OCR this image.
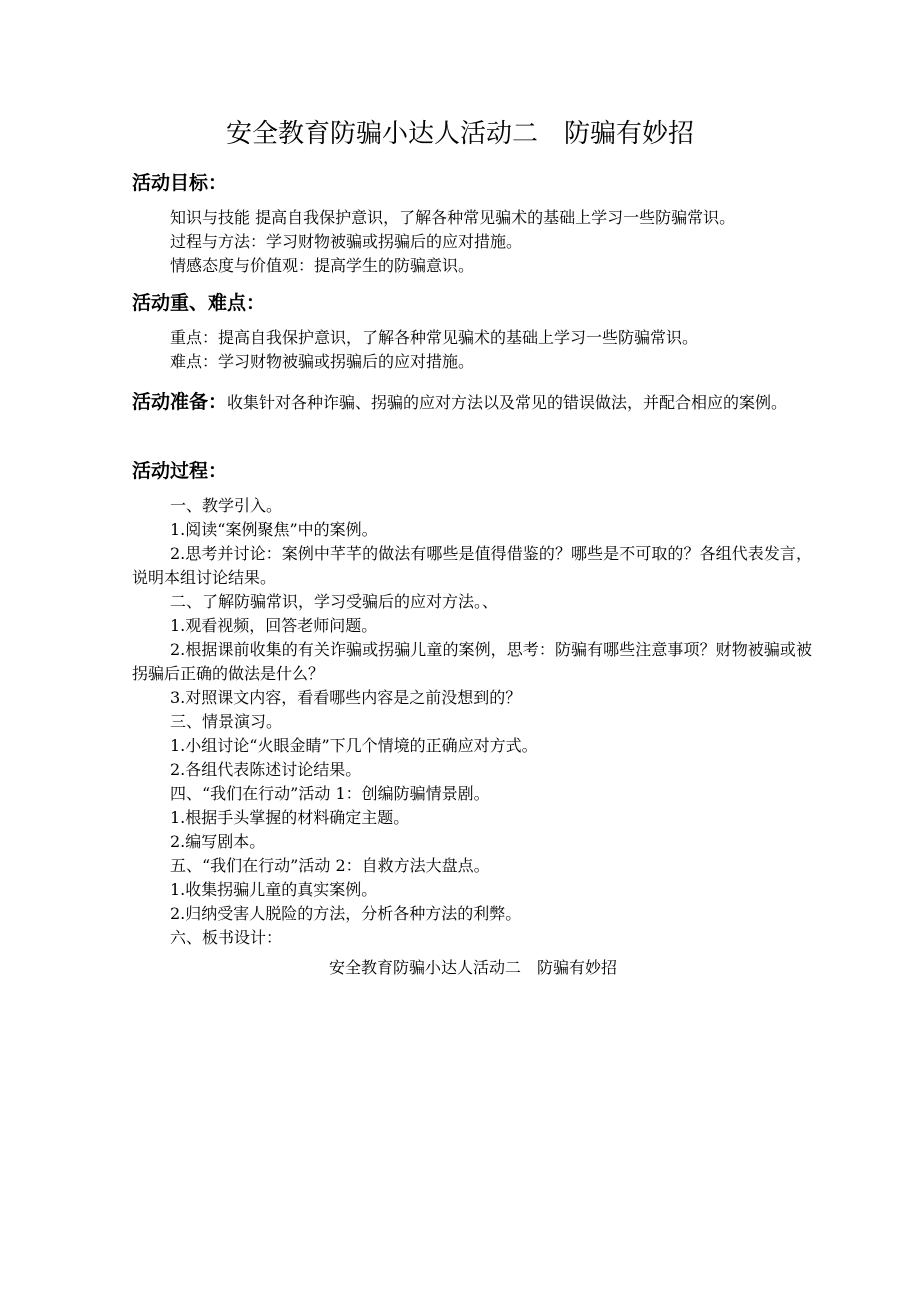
安全教育防骗小达人活动二　防骗有妙招
活动目标：
知识与技能 提高自我保护意识，了解各种常见骗术的基础上学习一些防骗常识。
过程与方法：学习财物被骗或拐骗后的应对措施。
情感态度与价值观：提高学生的防骗意识。
活动重、难点：
重点：提高自我保护意识，了解各种常见骗术的基础上学习一些防骗常识。
难点：学习财物被骗或拐骗后的应对措施。
活动准备：收集针对各种诈骗、拐骗的应对方法以及常见的错误做法，并配合相应的案例。
活动过程：
一、教学引入。
1.阅读“案例聚焦”中的案例。
2.思考并讨论：案例中芊芊的做法有哪些是值得借鉴的？哪些是不可取的？各组代表发言，说明本组讨论结果。
二、了解防骗常识，学习受骗后的应对方法。、
1.观看视频，回答老师问题。
2.根据课前收集的有关诈骗或拐骗儿童的案例，思考：防骗有哪些注意事项？财物被骗或被拐骗后正确的做法是什么？
3.对照课文内容，看看哪些内容是之前没想到的？
三、情景演习。
1.小组讨论“火眼金睛”下几个情境的正确应对方式。
2.各组代表陈述讨论结果。
四、“我们在行动”活动 1：创编防骗情景剧。
1.根据手头掌握的材料确定主题。
2.编写剧本。
五、“我们在行动”活动 2：自救方法大盘点。
1.收集拐骗儿童的真实案例。
2.归纳受害人脱险的方法，分析各种方法的利弊。
六、板书设计：
安全教育防骗小达人活动二　防骗有妙招
